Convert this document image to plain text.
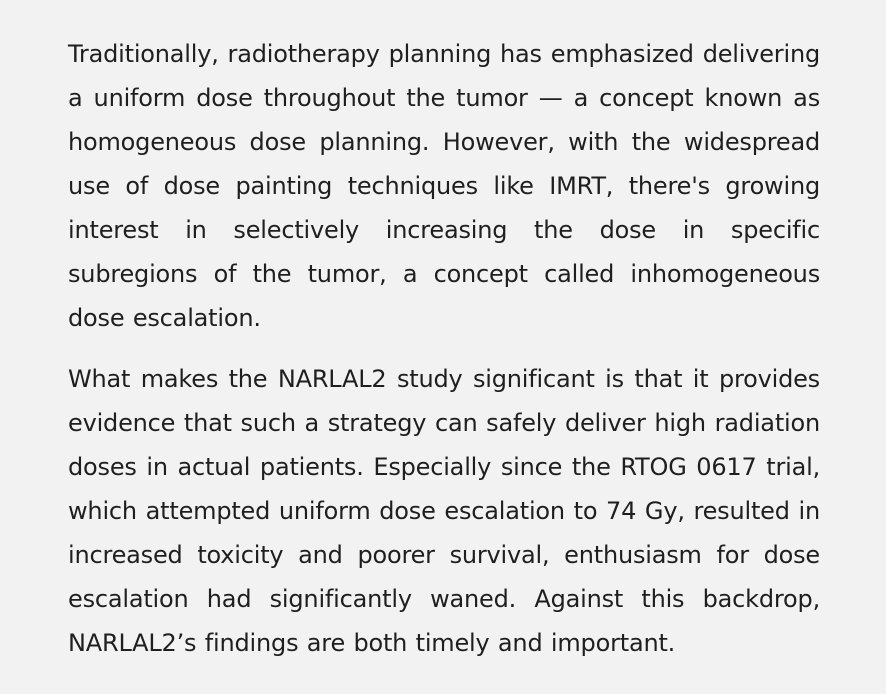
Traditionally, radiotherapy planning has emphasized delivering a uniform dose throughout the tumor — a concept known as homogeneous dose planning. However, with the widespread use of dose painting techniques like IMRT, there's growing interest in selectively increasing the dose in specific subregions of the tumor, a concept called inhomogeneous dose escalation.

What makes the NARLAL2 study significant is that it provides evidence that such a strategy can safely deliver high radiation doses in actual patients. Especially since the RTOG 0617 trial, which attempted uniform dose escalation to 74 Gy, resulted in increased toxicity and poorer survival, enthusiasm for dose escalation had significantly waned. Against this backdrop, NARLAL2’s findings are both timely and important.
